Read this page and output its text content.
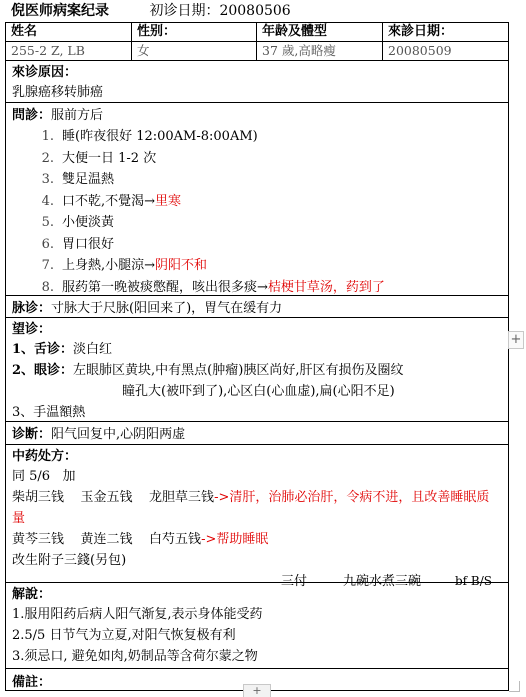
倪医师病案纪录	初诊日期：20080506
姓名	性别：	年龄及體型	來診日期：
255-2 Z, LB	女	37 歲,高略瘦	20080509
來诊原因：
乳腺癌移转肺癌
問診：服前方后
1. 睡(昨夜很好 12:00AM-8:00AM)
2. 大便一日 1-2 次
3. 雙足温熱
4. 口不乾,不覺渴→里寒
5. 小便淡黃
6. 胃口很好
7. 上身熱,小腿涼→阴阳不和
8. 服药第一晚被痰憋醒，咳出很多痰→桔梗甘草汤，药到了
脉诊：寸脉大于尺脉(阳回来了)，胃气在缓有力
望诊：
1、舌诊：淡白红
2、眼诊：左眼肺区黄块,中有黑点(肿瘤)胰区尚好,肝区有损伤及圈纹
瞳孔大(被吓到了),心区白(心血虚),扁(心阳不足)
3、手温額熱
诊断：阳气回复中,心阴阳两虚
中药处方：
同 5/6 加
柴胡三钱    玉金五钱    龙胆草三钱->清肝，治肺必治肝，令病不进，且改善睡眠质量
黄芩三钱    黄连二钱    白芍五钱->帮助睡眠
改生附子三錢(另包)
三付	九碗水煮三碗	bf B/S
解說：
1.服用阳药后病人阳气渐复,表示身体能受药
2.5/5 日节气为立夏,对阳气恢复极有利
3.须忌口, 避免如肉,奶制品等含荷尔蒙之物
備註：
+
+
